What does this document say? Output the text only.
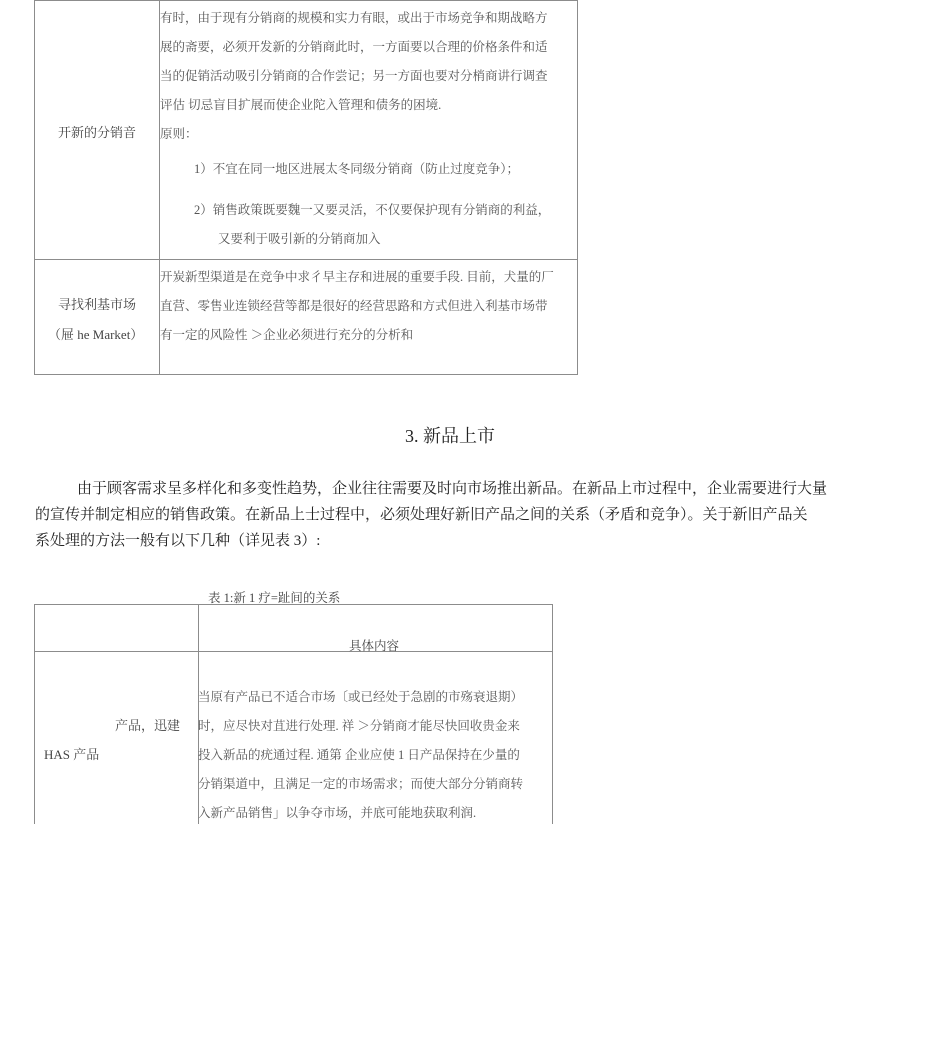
开新的分销音
有时，由于现有分销商的规模和实力有眼，或出于市场竞争和期战略方
展的斋要，必须开发新的分销商此时，一方面要以合理的价格条件和适
当的促销活动吸引分销商的合作尝记；另一方面也要对分梢商讲行调查
评估 切忌盲目扩展而使企业陀入管理和债务的困境.
原则：
1）不宜在同一地区进展太冬同级分销商（防止过度竞争）；
2）销售政策既要魏一又要灵活，不仅要保护现有分销商的利益，
又要利于吸引新的分销商加入
寻找利基市场
（屉 he Market）
开炭新型渠道是在竞争中求彳早主存和进展的重要手段. 目前，犬量的厂
直营、零售业连锁经营等都是很好的经营思路和方式但进入利基市场带
有一定的风险性 ＞企业必须进行充分的分析和
3. 新品上市
由于顾客需求呈多样化和多变性趋势，企业往往需要及时向市场推出新品。在新品上市过程中，企业需要进行大量
的宣传并制定相应的销售政策。在新品上士过程中，必须处理好新旧产品之间的关系（矛盾和竞争）。关于新旧产品关
系处理的方法一般有以下几种（详见表 3）:
表 1:新 1 疗=趾间的关系
具体内容
产品，迅建
HAS 产品
当原有产品已不适合市场〔或已经处于急剧的市殇衰退期）
时，应尽快对苴进行处理. 祥 ＞分销商才能尽快回收贵金来
投入新品的疣通过程. 通第 企业应使 1 日产品保持在少量的
分销渠道中，且满足一定的市场需求；而使大部分分销商转
入新产品销售」以争夺市场，并底可能地获取利润.
